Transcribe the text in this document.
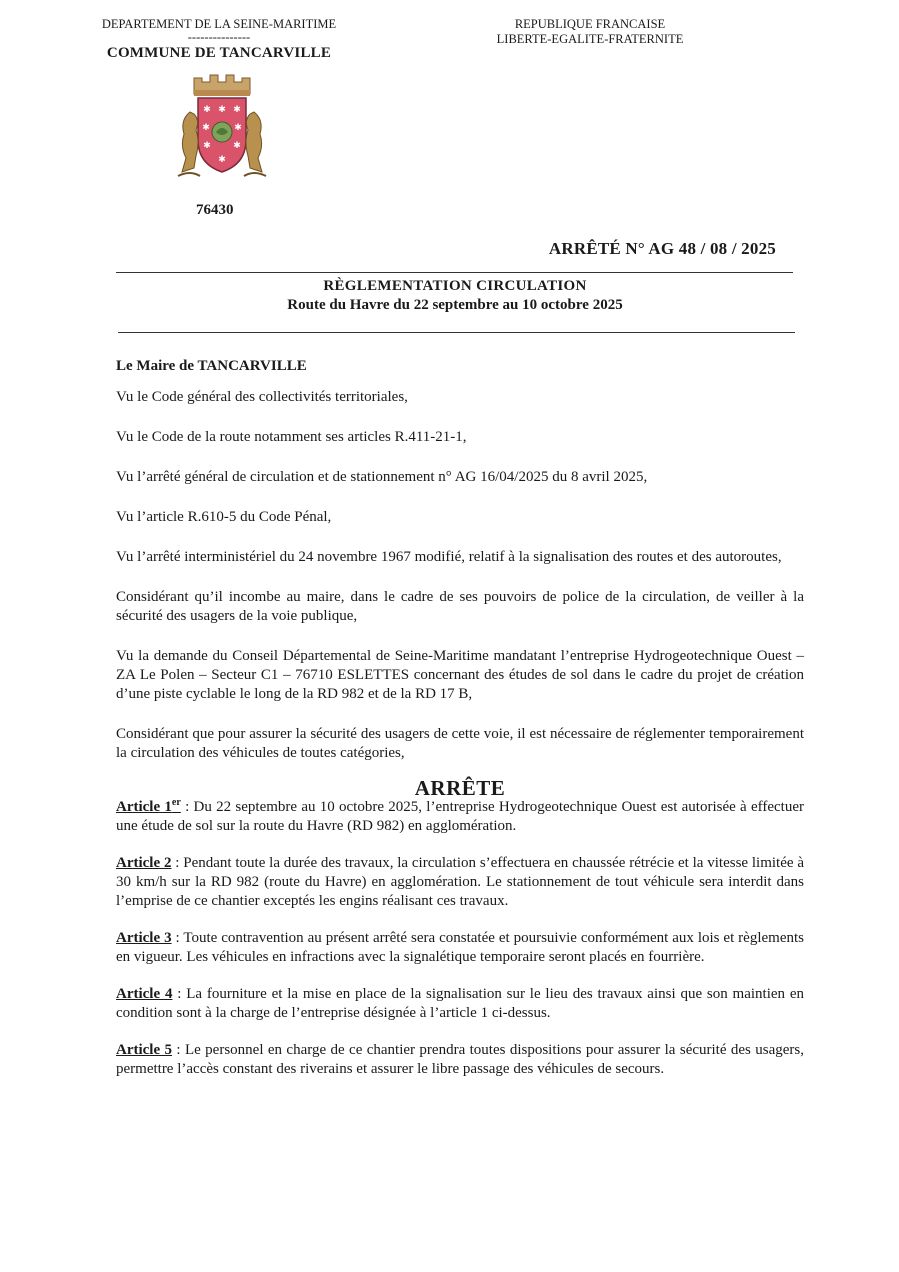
DEPARTEMENT DE LA SEINE-MARITIME
---------------
COMMUNE DE TANCARVILLE
REPUBLIQUE FRANCAISE
LIBERTE-EGALITE-FRATERNITE
✱ ✱ ✱
✱	✱
✱ ✱
✱
76430
ARRÊTÉ N° AG 48 / 08 / 2025
RÈGLEMENTATION CIRCULATION
Route du Havre du 22 septembre au 10 octobre 2025

Le Maire de TANCARVILLE

Vu le Code général des collectivités territoriales,

Vu le Code de la route notamment ses articles R.411-21-1,

Vu l’arrêté général de circulation et de stationnement n° AG 16/04/2025 du 8 avril 2025,

Vu l’article R.610-5 du Code Pénal,

Vu l’arrêté interministériel du 24 novembre 1967 modifié, relatif à la signalisation des routes et des autoroutes,

Considérant qu’il incombe au maire, dans le cadre de ses pouvoirs de police de la circulation, de veiller à la sécurité des usagers de la voie publique,

Vu la demande du Conseil Départemental de Seine-Maritime mandatant l’entreprise Hydrogeotechnique Ouest – ZA Le Polen – Secteur C1 – 76710 ESLETTES concernant des études de sol dans le cadre du projet de création d’une piste cyclable le long de la RD 982 et de la RD 17 B,

Considérant que pour assurer la sécurité des usagers de cette voie, il est nécessaire de réglementer temporairement la circulation des véhicules de toutes catégories,

ARRÊTE

Article 1er : Du 22 septembre au 10 octobre 2025, l’entreprise Hydrogeotechnique Ouest est autorisée à effectuer une étude de sol sur la route du Havre (RD 982) en agglomération.

Article 2 : Pendant toute la durée des travaux, la circulation s’effectuera en chaussée rétrécie et la vitesse limitée à 30 km/h sur la RD 982 (route du Havre) en agglomération. Le stationnement de tout véhicule sera interdit dans l’emprise de ce chantier exceptés les engins réalisant ces travaux.

Article 3 : Toute contravention au présent arrêté sera constatée et poursuivie conformément aux lois et règlements en vigueur. Les véhicules en infractions avec la signalétique temporaire seront placés en fourrière.

Article 4 : La fourniture et la mise en place de la signalisation sur le lieu des travaux ainsi que son maintien en condition sont à la charge de l’entreprise désignée à l’article 1 ci-dessus.

Article 5 : Le personnel en charge de ce chantier prendra toutes dispositions pour assurer la sécurité des usagers, permettre l’accès constant des riverains et assurer le libre passage des véhicules de secours.
